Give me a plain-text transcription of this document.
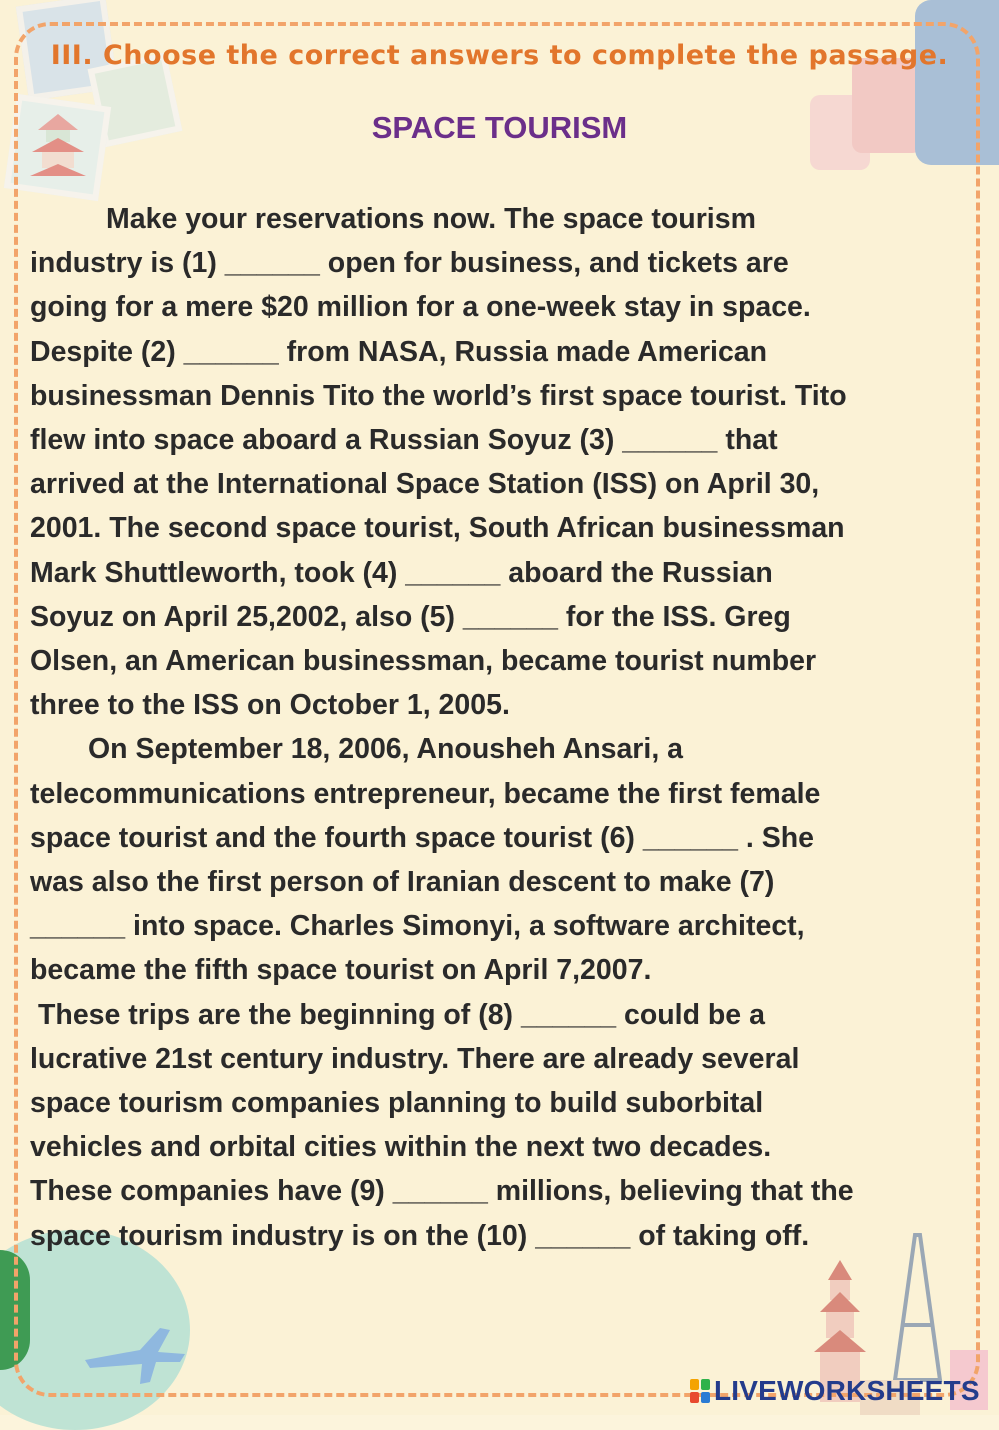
III. Choose the correct answers to complete the passage.
SPACE TOURISM

Make your reservations now. The space tourism

industry is (1) ______ open for business, and tickets are

going for a mere $20 million for a one-week stay in space.

Despite (2) ______ from NASA, Russia made American

businessman Dennis Tito the world’s first space tourist. Tito

flew into space aboard a Russian Soyuz (3) ______ that

arrived at the International Space Station (ISS) on April 30,

2001. The second space tourist, South African businessman

Mark Shuttleworth, took (4) ______ aboard the Russian

Soyuz on April 25,2002, also (5) ______ for the ISS. Greg

Olsen, an American businessman, became tourist number

three to the ISS on October 1, 2005.

On September 18, 2006, Anousheh Ansari, a

telecommunications entrepreneur, became the first female

space tourist and the fourth space tourist (6) ______ . She

was also the first person of Iranian descent to make (7)

______ into space. Charles Simonyi, a software architect,

became the fifth space tourist on April 7,2007.

These trips are the beginning of (8) ______ could be a

lucrative 21st century industry. There are already several

space tourism companies planning to build suborbital

vehicles and orbital cities within the next two decades.

These companies have (9) ______ millions, believing that the

space tourism industry is on the (10) ______ of taking off.

LIVEWORKSHEETS
